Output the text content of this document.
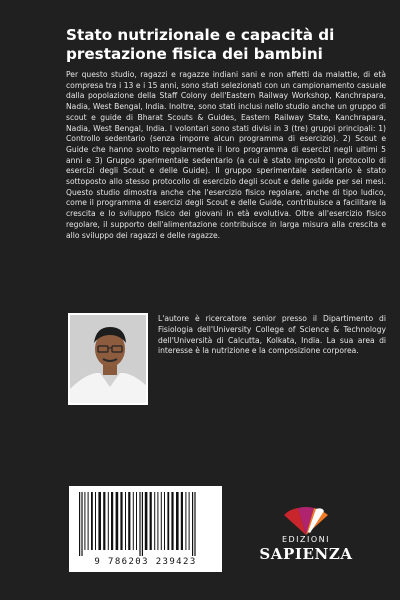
Stato nutrizionale e capacità di prestazione fisica dei bambini
Per questo studio, ragazzi e ragazze indiani sani e non affetti da malattie, di età compresa tra i 13 e i 15 anni, sono stati selezionati con un campionamento casuale dalla popolazione della Staff Colony dell'Eastern Railway Workshop, Kanchrapara, Nadia, West Bengal, India. Inoltre, sono stati inclusi nello studio anche un gruppo di scout e guide di Bharat Scouts & Guides, Eastern Railway State, Kanchrapara, Nadia, West Bengal, India. I volontari sono stati divisi in 3 (tre) gruppi principali: 1) Controllo sedentario (senza imporre alcun programma di esercizio). 2) Scout e Guide che hanno svolto regolarmente il loro programma di esercizi negli ultimi 5 anni e 3) Gruppo sperimentale sedentario (a cui è stato imposto il protocollo di esercizi degli Scout e delle Guide). Il gruppo sperimentale sedentario è stato sottoposto allo stesso protocollo di esercizio degli scout e delle guide per sei mesi. Questo studio dimostra anche che l'esercizio fisico regolare, anche di tipo ludico, come il programma di esercizi degli Scout e delle Guide, contribuisce a facilitare la crescita e lo sviluppo fisico dei giovani in età evolutiva. Oltre all'esercizio fisico regolare, il supporto dell'alimentazione contribuisce in larga misura alla crescita e allo sviluppo dei ragazzi e delle ragazze.
L'autore è ricercatore senior presso il Dipartimento di Fisiologia dell'University College of Science & Technology dell'Università di Calcutta, Kolkata, India. La sua area di interesse è la nutrizione e la composizione corporea.
9 786203 239423
EDIZIONI
SAPIENZA
